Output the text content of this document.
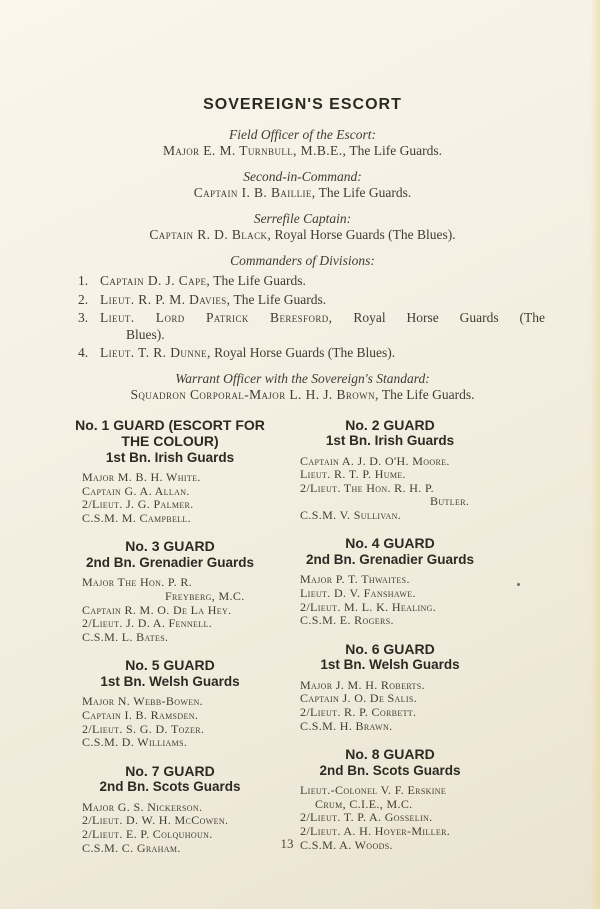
SOVEREIGN'S ESCORT
Field Officer of the Escort:
Major E. M. Turnbull, M.B.E., The Life Guards.
Second-in-Command:
Captain I. B. Baillie, The Life Guards.
Serrefile Captain:
Captain R. D. Black, Royal Horse Guards (The Blues).
Commanders of Divisions:
1. Captain D. J. Cape, The Life Guards.
2. Lieut. R. P. M. Davies, The Life Guards.
3. Lieut. Lord Patrick Beresford, Royal Horse Guards (The
Blues).
4. Lieut. T. R. Dunne, Royal Horse Guards (The Blues).
Warrant Officer with the Sovereign's Standard:
Squadron Corporal-Major L. H. J. Brown, The Life Guards.
No. 1 GUARD (ESCORT FOR THE COLOUR)
1st Bn. Irish Guards
Major M. B. H. White.
Captain G. A. Allan.
2/Lieut. J. G. Palmer.
C.S.M. M. Campbell.
No. 3 GUARD
2nd Bn. Grenadier Guards
Major The Hon. P. R.
Freyberg, M.C.
Captain R. M. O. De La Hey.
2/Lieut. J. D. A. Fennell.
C.S.M. L. Bates.
No. 5 GUARD
1st Bn. Welsh Guards
Major N. Webb-Bowen.
Captain I. B. Ramsden.
2/Lieut. S. G. D. Tozer.
C.S.M. D. Williams.
No. 7 GUARD
2nd Bn. Scots Guards
Major G. S. Nickerson.
2/Lieut. D. W. H. McCowen.
2/Lieut. E. P. Colquhoun.
C.S.M. C. Graham.
No. 2 GUARD
1st Bn. Irish Guards
Captain A. J. D. O'H. Moore.
Lieut. R. T. P. Hume.
2/Lieut. The Hon. R. H. P.
Butler.
C.S.M. V. Sullivan.
No. 4 GUARD
2nd Bn. Grenadier Guards
Major P. T. Thwaites.
Lieut. D. V. Fanshawe.
2/Lieut. M. L. K. Healing.
C.S.M. E. Rogers.
No. 6 GUARD
1st Bn. Welsh Guards
Major J. M. H. Roberts.
Captain J. O. De Salis.
2/Lieut. R. P. Corbett.
C.S.M. H. Brawn.
No. 8 GUARD
2nd Bn. Scots Guards
Lieut.-Colonel V. F. Erskine
Crum, C.I.E., M.C.
2/Lieut. T. P. A. Gosselin.
2/Lieut. A. H. Hoyer-Miller.
C.S.M. A. Woods.
13
